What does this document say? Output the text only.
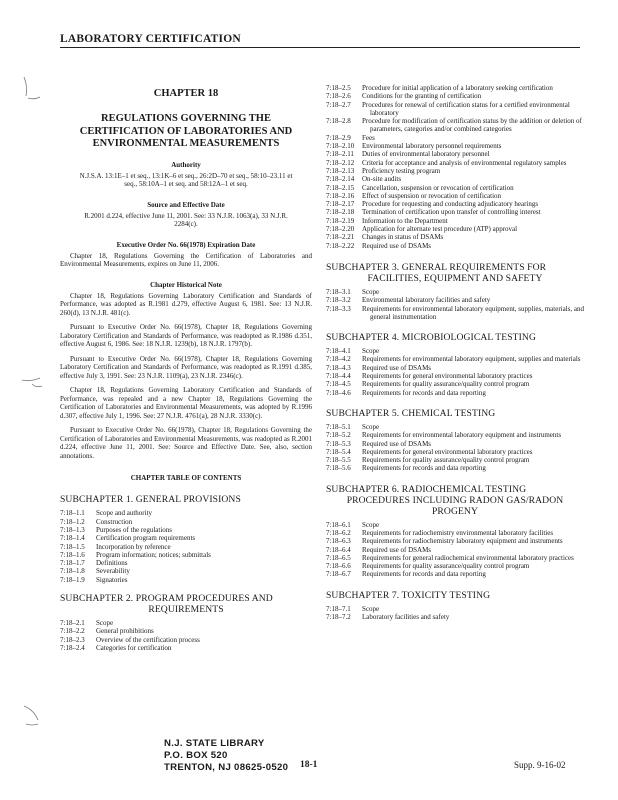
LABORATORY CERTIFICATION
CHAPTER 18
REGULATIONS GOVERNING THE CERTIFICATION OF LABORATORIES AND ENVIRONMENTAL MEASUREMENTS
Authority
N.J.S.A. 13:1E–1 et seq., 13:1K–6 et seq., 26:2D–70 et seq., 58:10–23.11 et seq., 58:10A–1 et seq. and 58:12A–1 et seq.
Source and Effective Date
R.2001 d.224, effective June 11, 2001. See: 33 N.J.R. 1063(a), 33 N.J.R. 2284(c).
Executive Order No. 66(1978) Expiration Date
Chapter 18, Regulations Governing the Certification of Laboratories and Environmental Measurements, expires on June 11, 2006.
Chapter Historical Note
Chapter 18, Regulations Governing Laboratory Certification and Standards of Performance, was adopted as R.1981 d.279, effective August 6, 1981. See: 13 N.J.R. 260(d), 13 N.J.R. 481(c).
Pursuant to Executive Order No. 66(1978), Chapter 18, Regulations Governing Laboratory Certification and Standards of Performance, was readopted as R.1986 d.351, effective August 6, 1986. See: 18 N.J.R. 1239(b), 18 N.J.R. 1797(b).
Pursuant to Executive Order No. 66(1978), Chapter 18, Regulations Governing Laboratory Certification and Standards of Performance, was readopted as R.1991 d.385, effective July 3, 1991. See: 23 N.J.R. 1109(a), 23 N.J.R. 2346(c).
Chapter 18, Regulations Governing Laboratory Certification and Standards of Performance, was repealed and a new Chapter 18, Regulations Governing the Certification of Laboratories and Environmental Measurements, was adopted by R.1996 d.307, effective July 1, 1996. See: 27 N.J.R. 4761(a), 28 N.J.R. 3330(c).
Pursuant to Executive Order No. 66(1978), Chapter 18, Regulations Governing the Certification of Laboratories and Environmental Measurements, was readopted as R.2001 d.224, effective June 11, 2001. See: Source and Effective Date. See, also, section annotations.
CHAPTER TABLE OF CONTENTS
SUBCHAPTER 1. GENERAL PROVISIONS
7:18–1.1	Scope and authority
7:18–1.2	Construction
7:18–1.3	Purposes of the regulations
7:18–1.4	Certification program requirements
7:18–1.5	Incorporation by reference
7:18–1.6	Program information; notices; submittals
7:18–1.7	Definitions
7:18–1.8	Severability
7:18–1.9	Signatories
SUBCHAPTER 2. PROGRAM PROCEDURES AND
REQUIREMENTS
7:18–2.1	Scope
7:18–2.2	General prohibitions
7:18–2.3	Overview of the certification process
7:18–2.4	Categories for certification
7:18–2.5	Procedure for initial application of a laboratory seeking certification
7:18–2.6	Conditions for the granting of certification
7:18–2.7	Procedures for renewal of certification status for a certified environmental laboratory
7:18–2.8	Procedure for modification of certification status by the addition or deletion of parameters, categories and/or combined categories
7:18–2.9	Fees
7:18–2.10	Environmental laboratory personnel requirements
7:18–2.11	Duties of environmental laboratory personnel
7:18–2.12	Criteria for acceptance and analysis of environmental regulatory samples
7:18–2.13	Proficiency testing program
7:18–2.14	On-site audits
7:18–2.15	Cancellation, suspension or revocation of certification
7:18–2.16	Effect of suspension or revocation of certification
7:18–2.17	Procedure for requesting and conducting adjudicatory hearings
7:18–2.18	Termination of certification upon transfer of controlling interest
7:18–2.19	Information to the Department
7:18–2.20	Application for alternate test procedure (ATP) approval
7:18–2.21	Changes in status of DSAMs
7:18–2.22	Required use of DSAMs
SUBCHAPTER 3. GENERAL REQUIREMENTS FOR
FACILITIES, EQUIPMENT AND SAFETY
7:18–3.1	Scope
7:18–3.2	Environmental laboratory facilities and safety
7:18–3.3	Requirements for environmental laboratory equipment, supplies, materials, and general instrumentation
SUBCHAPTER 4. MICROBIOLOGICAL TESTING
7:18–4.1	Scope
7:18–4.2	Requirements for environmental laboratory equipment, supplies and materials
7:18–4.3	Required use of DSAMs
7:18–4.4	Requirements for general environmental laboratory practices
7:18–4.5	Requirements for quality assurance/quality control program
7:18–4.6	Requirements for records and data reporting
SUBCHAPTER 5. CHEMICAL TESTING
7:18–5.1	Scope
7:18–5.2	Requirements for environmental laboratory equipment and instruments
7:18–5.3	Required use of DSAMs
7:18–5.4	Requirements for general environmental laboratory practices
7:18–5.5	Requirements for quality assurance/quality control program
7:18–5.6	Requirements for records and data reporting
SUBCHAPTER 6. RADIOCHEMICAL TESTING
PROCEDURES INCLUDING RADON GAS/RADON PROGENY
7:18–6.1	Scope
7:18–6.2	Requirements for radiochemistry environmental laboratory facilities
7:18–6.3	Requirements for radiochemistry laboratory equipment and instruments
7:18–6.4	Required use of DSAMs
7:18–6.5	Requirements for general radiochemical environmental laboratory practices
7:18–6.6	Requirements for quality assurance/quality control program
7:18–6.7	Requirements for records and data reporting
SUBCHAPTER 7. TOXICITY TESTING
7:18–7.1	Scope
7:18–7.2	Laboratory facilities and safety
N.J. STATE LIBRARY
P.O. BOX 520
TRENTON, NJ 08625-0520 18-1	Supp. 9-16-02
